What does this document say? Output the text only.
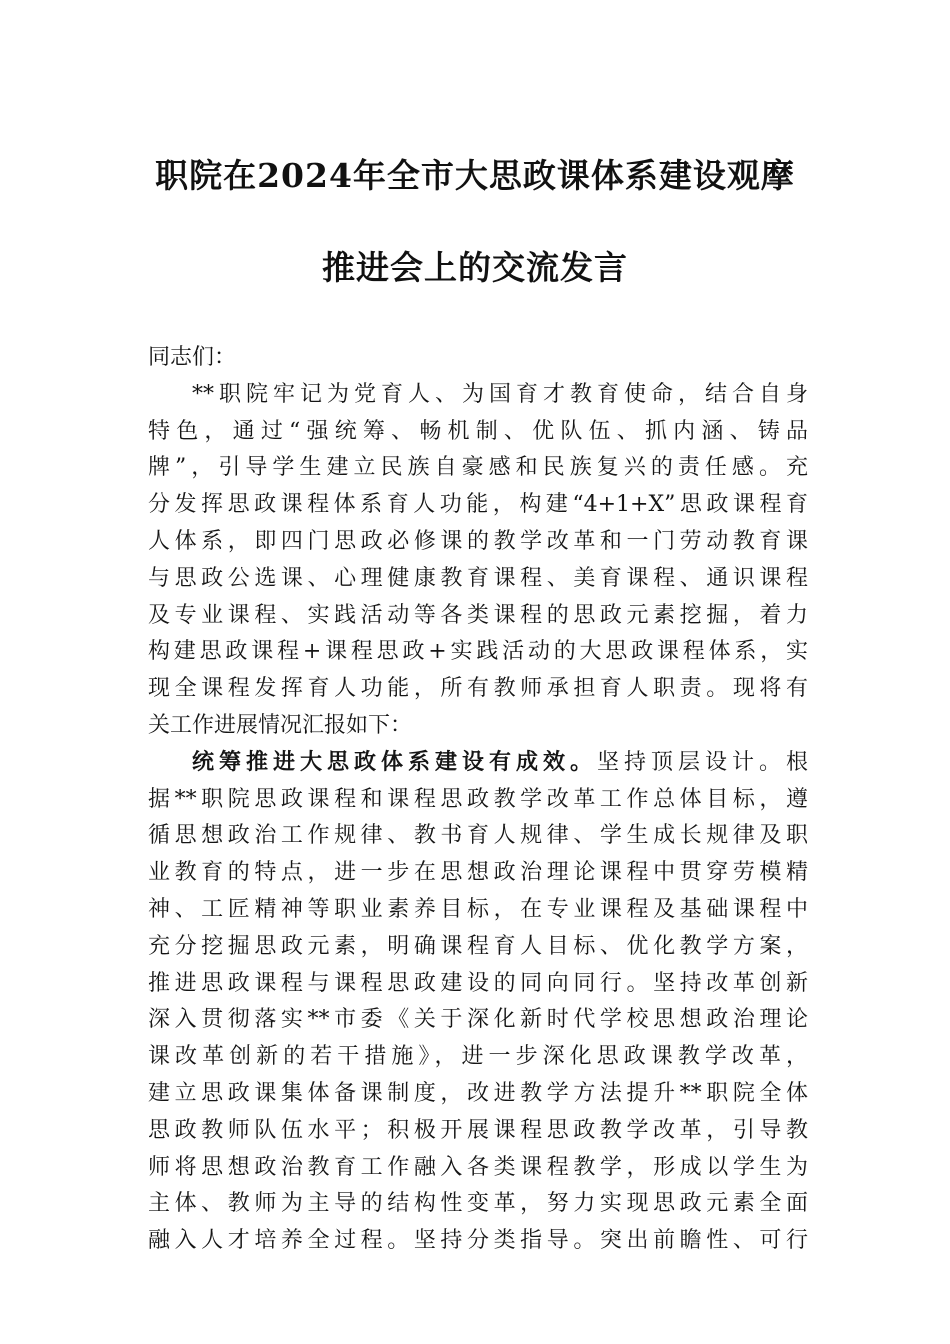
职院在2024年全市大思政课体系建设观摩
推进会上的交流发言
同志们：
**职院牢记为党育人、为国育才教育使命，结合自身
特色，通过“强统筹、畅机制、优队伍、抓内涵、铸品
牌”，引导学生建立民族自豪感和民族复兴的责任感。充
分发挥思政课程体系育人功能，构建“4+1+X”思政课程育
人体系，即四门思政必修课的教学改革和一门劳动教育课
与思政公选课、心理健康教育课程、美育课程、通识课程
及专业课程、实践活动等各类课程的思政元素挖掘，着力
构建思政课程+课程思政+实践活动的大思政课程体系，实
现全课程发挥育人功能，所有教师承担育人职责。现将有
关工作进展情况汇报如下：
统筹推进大思政体系建设有成效。坚持顶层设计。根
据**职院思政课程和课程思政教学改革工作总体目标，遵
循思想政治工作规律、教书育人规律、学生成长规律及职
业教育的特点，进一步在思想政治理论课程中贯穿劳模精
神、工匠精神等职业素养目标，在专业课程及基础课程中
充分挖掘思政元素，明确课程育人目标、优化教学方案，
推进思政课程与课程思政建设的同向同行。坚持改革创新
深入贯彻落实**市委《关于深化新时代学校思想政治理论
课改革创新的若干措施》，进一步深化思政课教学改革，
建立思政课集体备课制度，改进教学方法提升**职院全体
思政教师队伍水平；积极开展课程思政教学改革，引导教
师将思想政治教育工作融入各类课程教学，形成以学生为
主体、教师为主导的结构性变革，努力实现思政元素全面
融入人才培养全过程。坚持分类指导。突出前瞻性、可行
